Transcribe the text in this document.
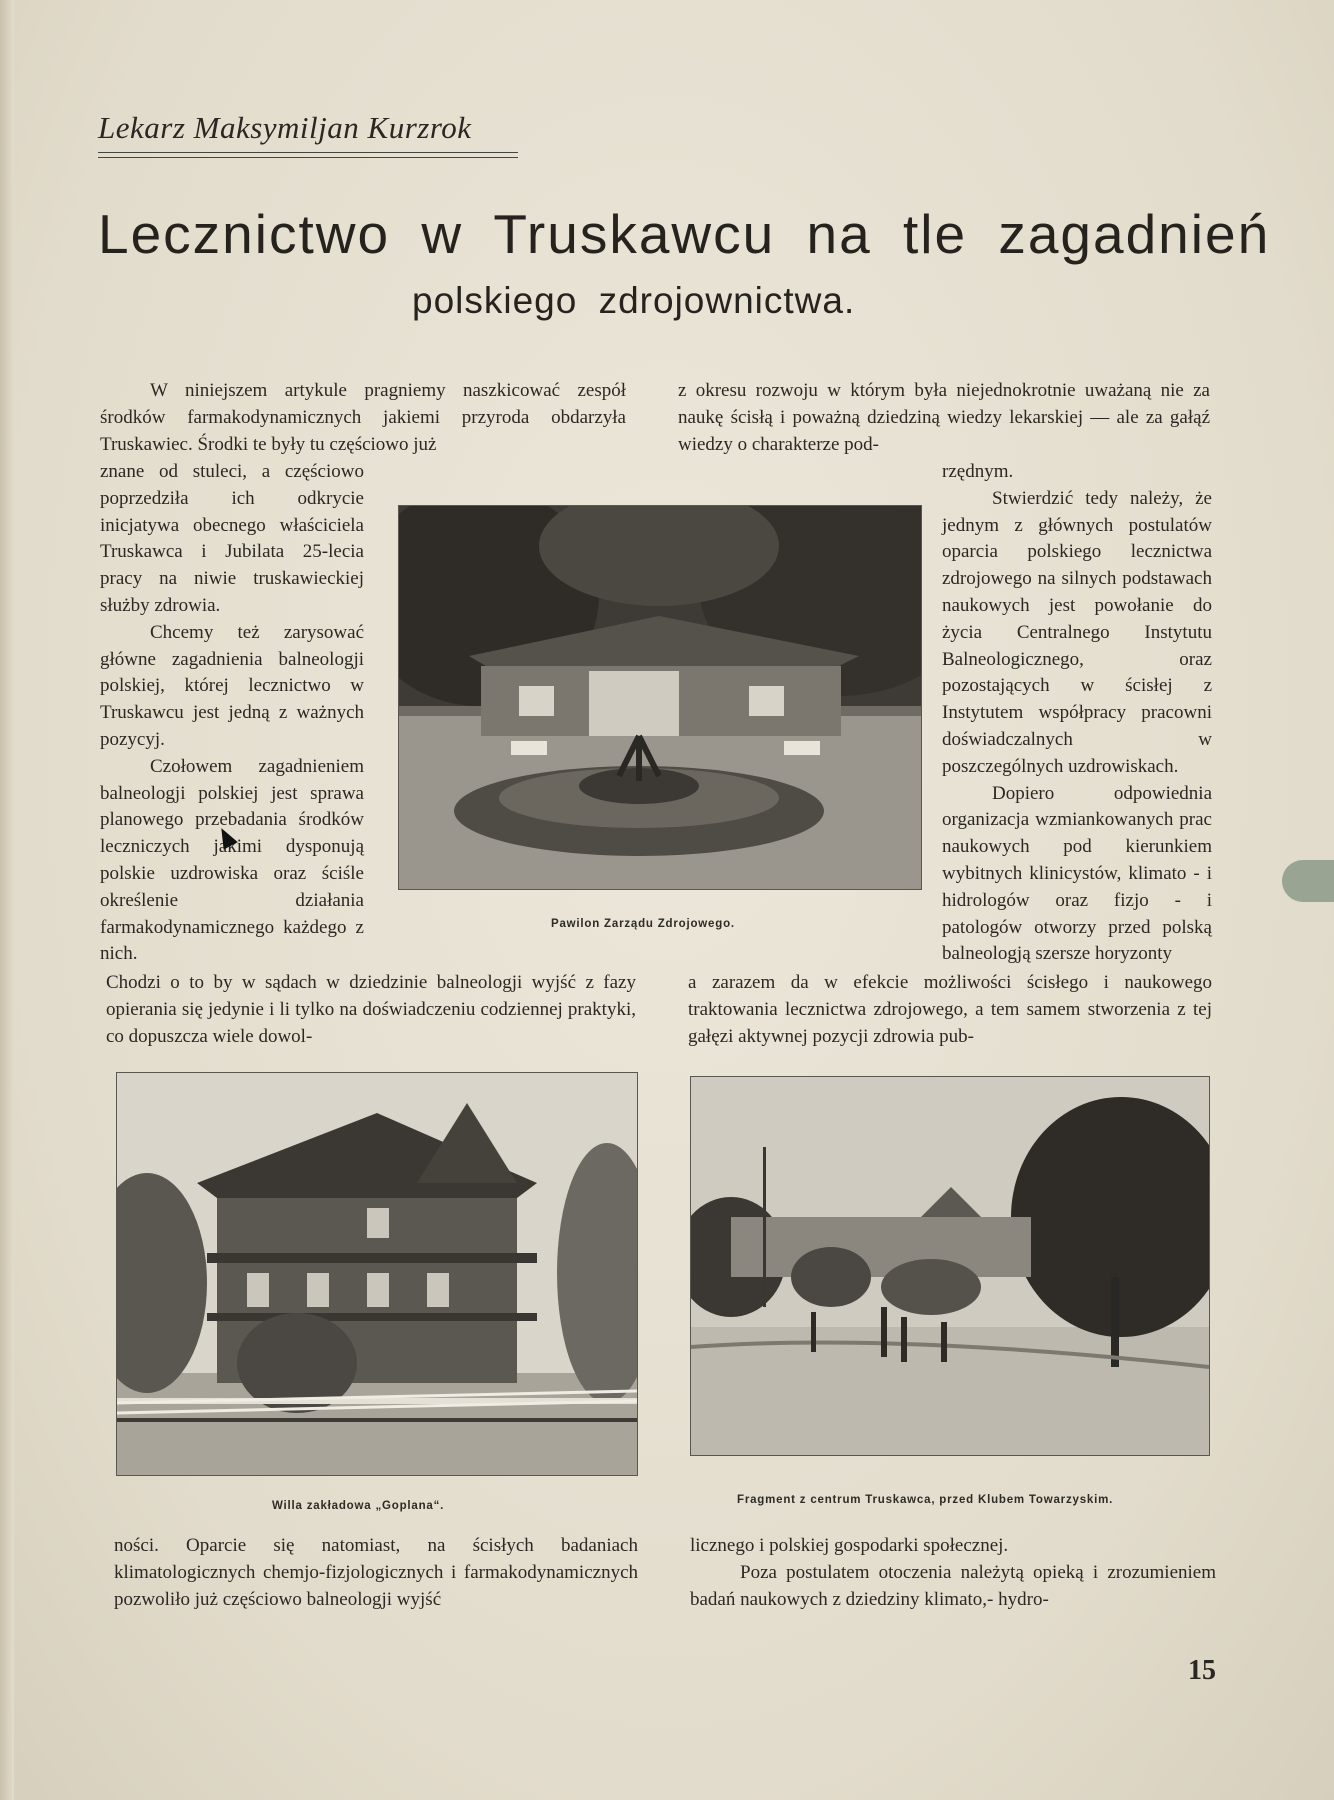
Lekarz Maksymiljan Kurzrok
Lecznictwo w Truskawcu na tle zagadnień
polskiego zdrojownictwa.

W niniejszem artykule pragniemy naszkicować zespół środków farmakodynamicznych jakiemi przyroda obdarzyła Truskawiec. Środki te były tu częściowo już

znane od stuleci, a częściowo poprzedziła ich odkrycie inicjatywa obecnego właściciela Truskawca i Jubilata 25-lecia pracy na niwie truskawieckiej służby zdrowia.

Chcemy też zarysować główne zagadnienia balneologji polskiej, której lecznictwo w Truskawcu jest jedną z ważnych pozycyj.

Czołowem zagadnieniem balneologji polskiej jest sprawa planowego przebadania środków leczniczych jakimi dysponują polskie uzdrowiska oraz ściśle określenie działania farmakodynamicznego każdego z nich.

Chodzi o to by w sądach w dziedzinie balneologji wyjść z fazy opierania się jedynie i li tylko na doświadczeniu codziennej praktyki, co dopuszcza wiele dowol-

z okresu rozwoju w którym była niejednokrotnie uważaną nie za naukę ścisłą i poważną dziedziną wiedzy lekarskiej — ale za gałąź wiedzy o charakterze pod-

rzędnym.

Stwierdzić tedy należy, że jednym z głównych postulatów oparcia polskiego lecznictwa zdrojowego na silnych podstawach naukowych jest powołanie do życia Centralnego Instytutu Balneologicznego, oraz pozostających w ścisłej z Instytutem współpracy pracowni doświadczalnych w poszczególnych uzdrowiskach.

Dopiero odpowiednia organizacja wzmiankowanych prac naukowych pod kierunkiem wybitnych klinicystów, klimato - i hidrologów oraz fizjo - i patologów otworzy przed polską balneologją szersze horyzonty

a zarazem da w efekcie możliwości ścisłego i naukowego traktowania lecznictwa zdrojowego, a tem samem stworzenia z tej gałęzi aktywnej pozycji zdrowia pub-

Pawilon Zarządu Zdrojowego.
Willa zakładowa „Goplana“.	Fragment z centrum Truskawca, przed Klubem Towarzyskim.

ności. Oparcie się natomiast, na ścisłych badaniach klimatologicznych chemjo-fizjologicznych i farmakodynamicznych pozwoliło już częściowo balneologji wyjść

licznego i polskiej gospodarki społecznej.

Poza postulatem otoczenia należytą opieką i zrozumieniem badań naukowych z dziedziny klimato,- hydro-

15
